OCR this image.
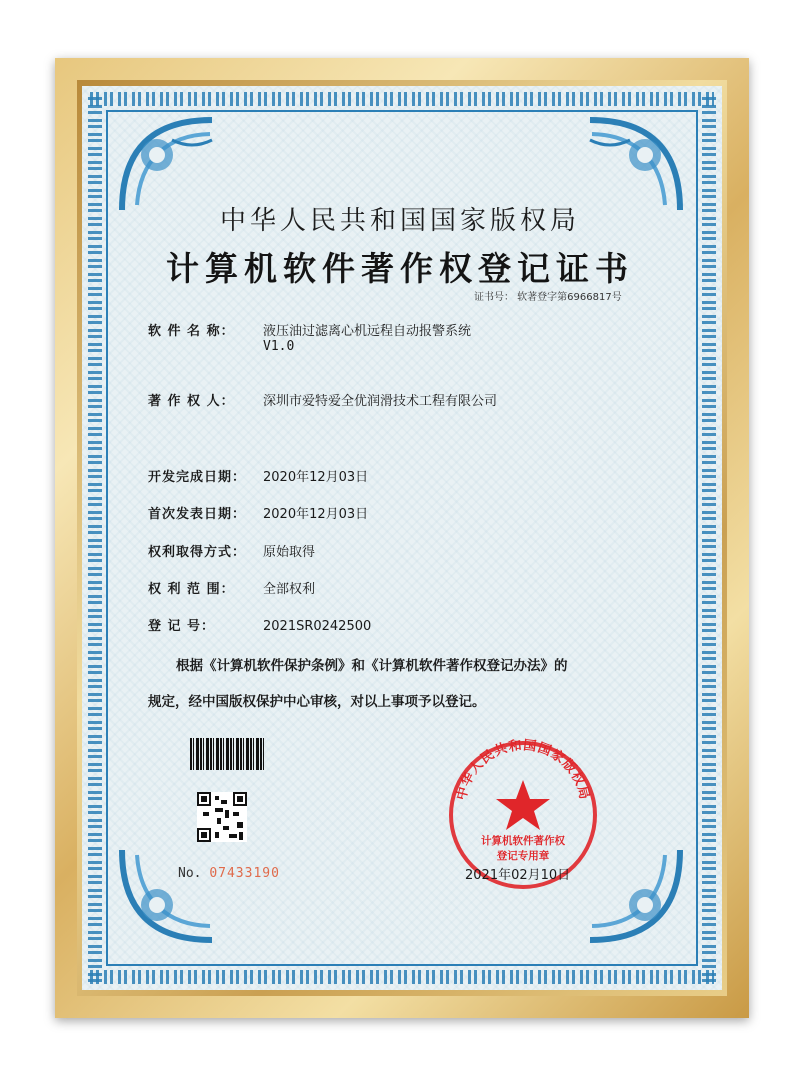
中华人民共和国国家版权局
计算机软件著作权登记证书
证书号： 软著登字第6966817号
软 件 名 称： 液压油过滤离心机远程自动报警系统
V1.0
著 作 权 人： 深圳市爱特爱全优润滑技术工程有限公司
开发完成日期： 2020年12月03日
首次发表日期： 2020年12月03日
权利取得方式： 原始取得
权 利 范 围： 全部权利
登 记 号：	2021SR0242500
根据《计算机软件保护条例》和《计算机软件著作权登记办法》的
规定，经中国版权保护中心审核，对以上事项予以登记。
No. 07433190
中华人民共和国国家版权局
计算机软件著作权
登记专用章
2021年02月10日
